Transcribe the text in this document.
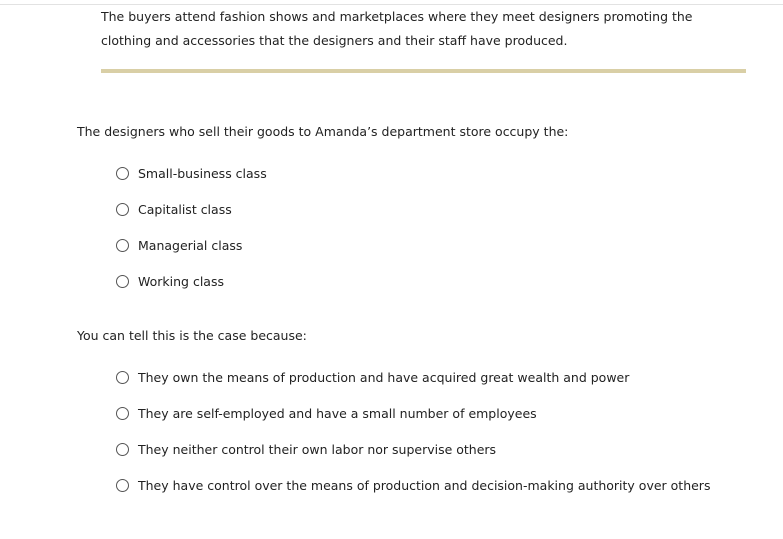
The buyers attend fashion shows and marketplaces where they meet designers promoting the clothing and accessories that the designers and their staff have produced.

The designers who sell their goods to Amanda’s department store occupy the:

Small-business class
Capitalist class
Managerial class
Working class

You can tell this is the case because:

They own the means of production and have acquired great wealth and power
They are self-employed and have a small number of employees
They neither control their own labor nor supervise others
They have control over the means of production and decision-making authority over others
